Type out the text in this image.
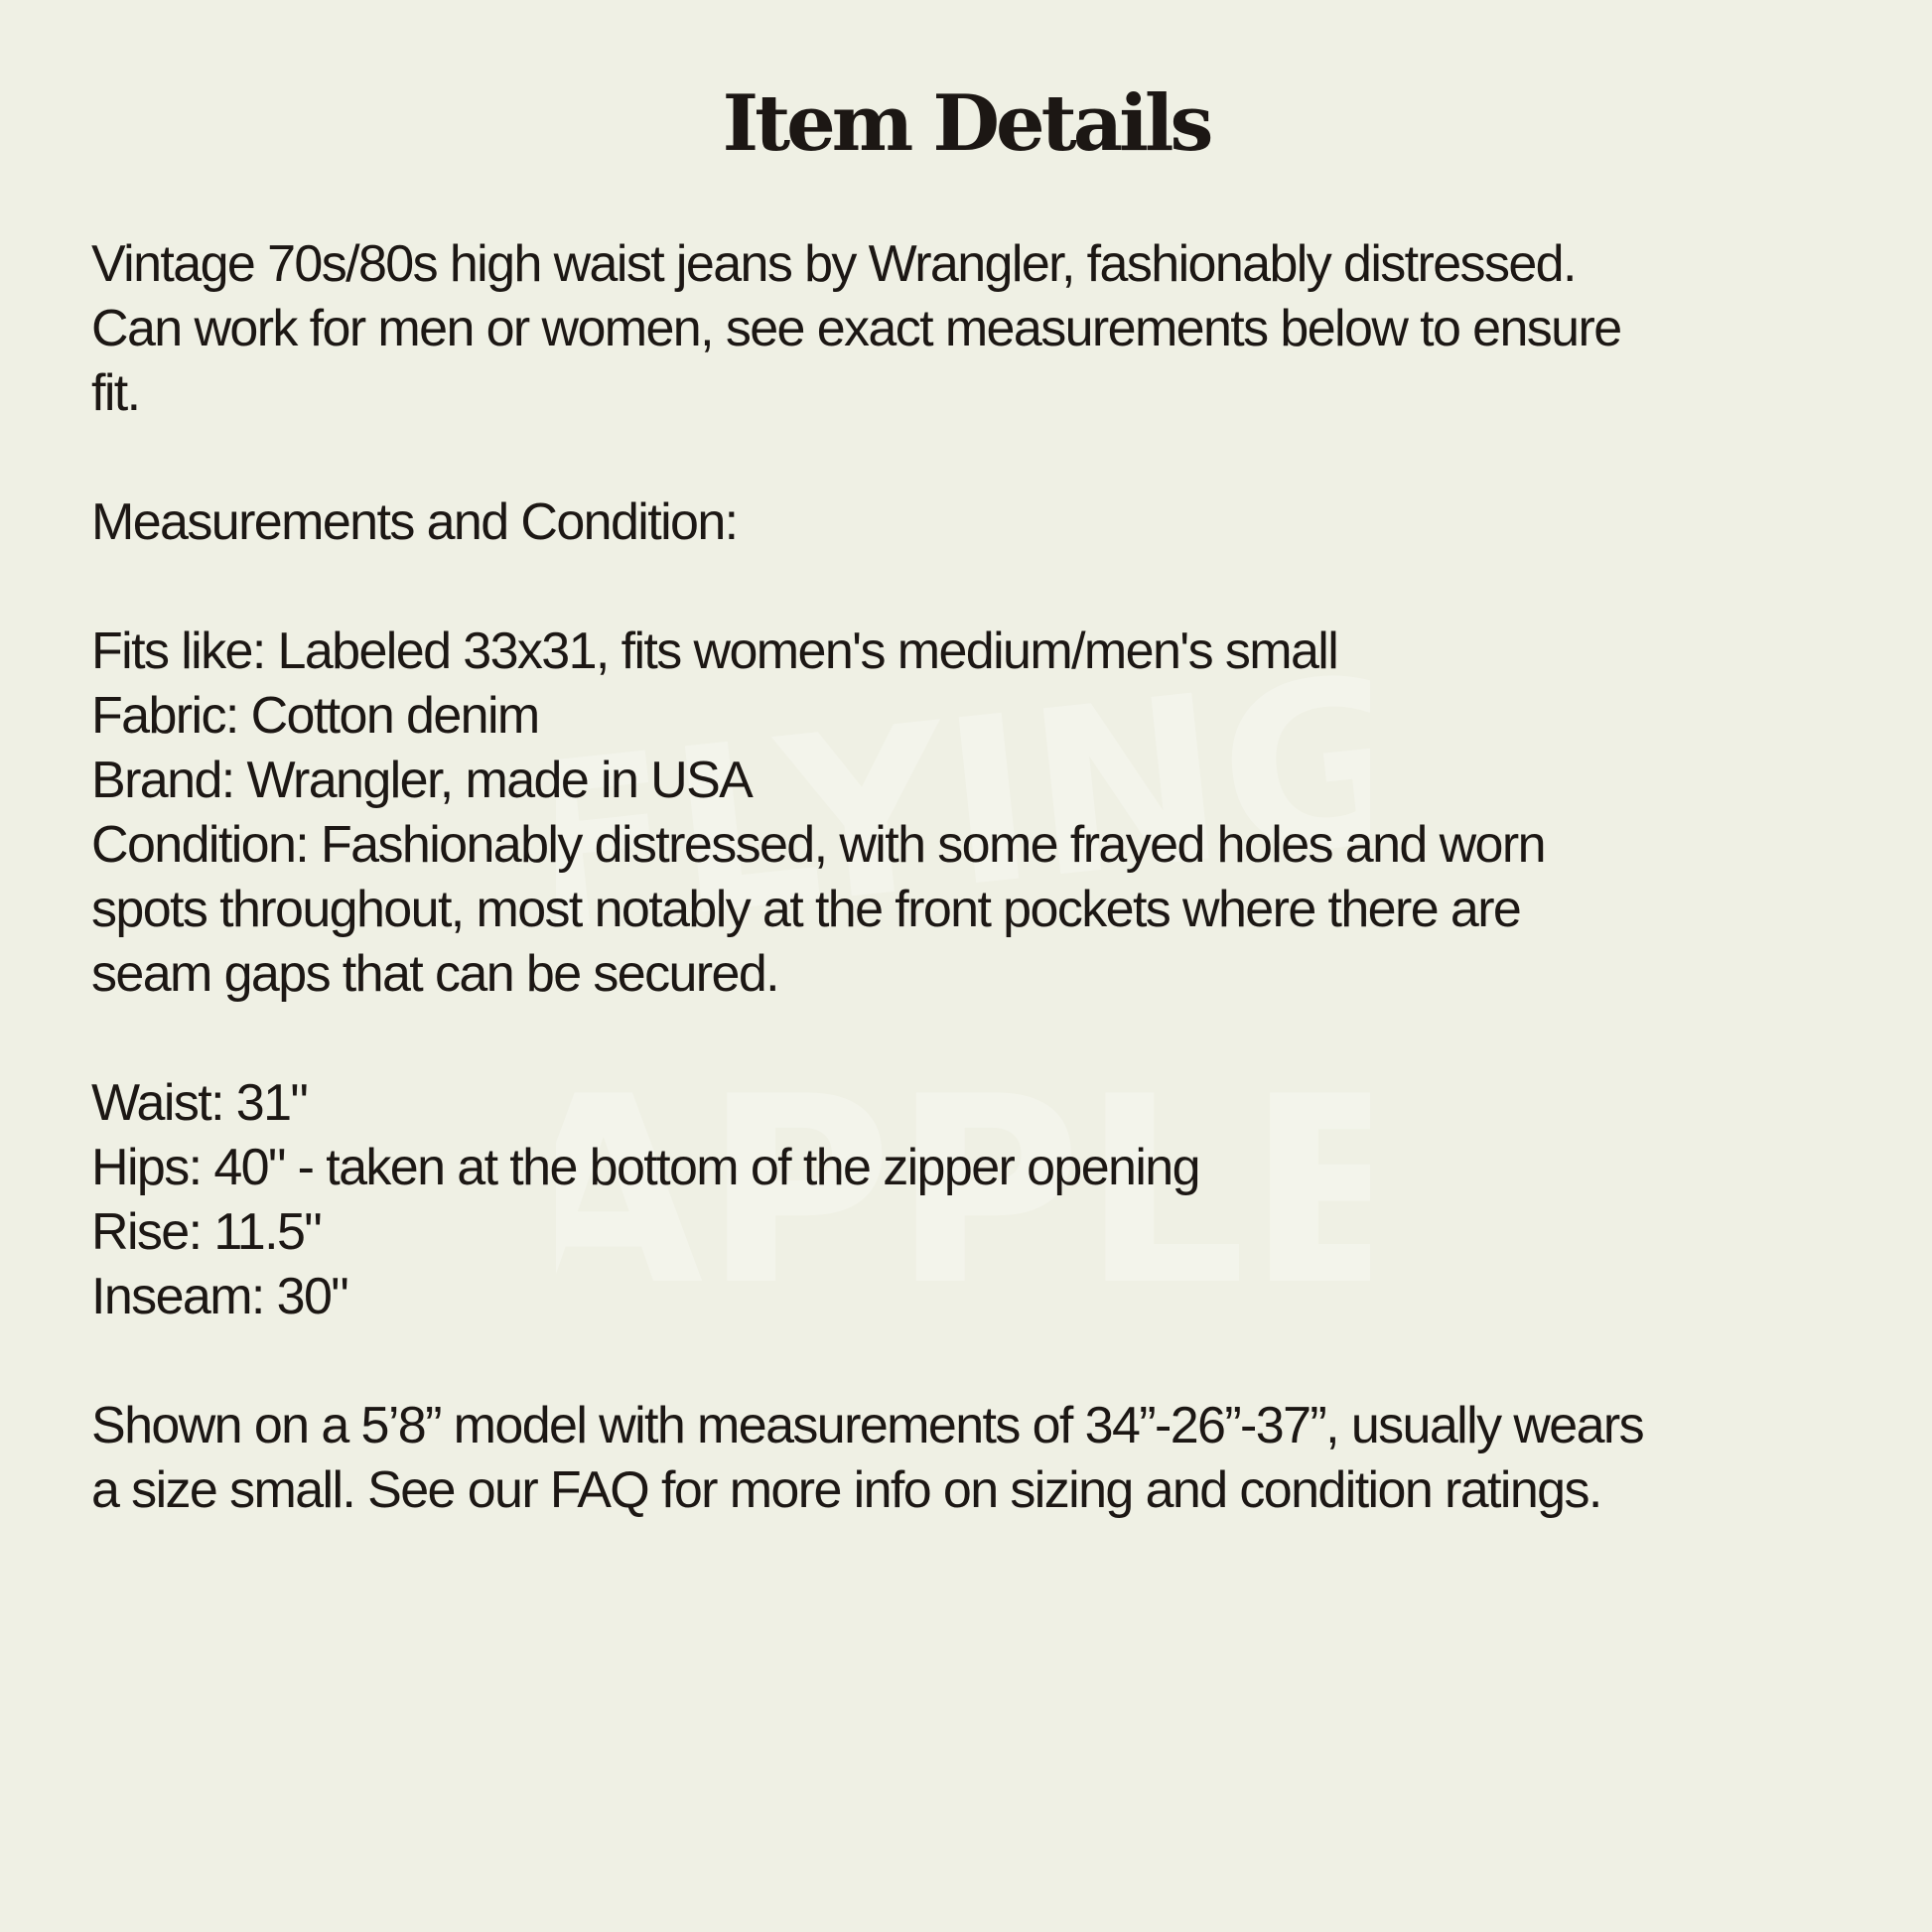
FLYING
APPLE
Item Details

Vintage 70s/80s high waist jeans by Wrangler, fashionably distressed.

Can work for men or women, see exact measurements below to ensure

fit.

Measurements and Condition:

Fits like: Labeled 33x31, fits women's medium/men's small

Fabric: Cotton denim

Brand: Wrangler, made in USA

Condition: Fashionably distressed, with some frayed holes and worn

spots throughout, most notably at the front pockets where there are

seam gaps that can be secured.

Waist: 31"

Hips: 40" - taken at the bottom of the zipper opening

Rise: 11.5"

Inseam: 30"

Shown on a 5’8” model with measurements of 34”-26”-37”, usually wears

a size small. See our FAQ for more info on sizing and condition ratings.
